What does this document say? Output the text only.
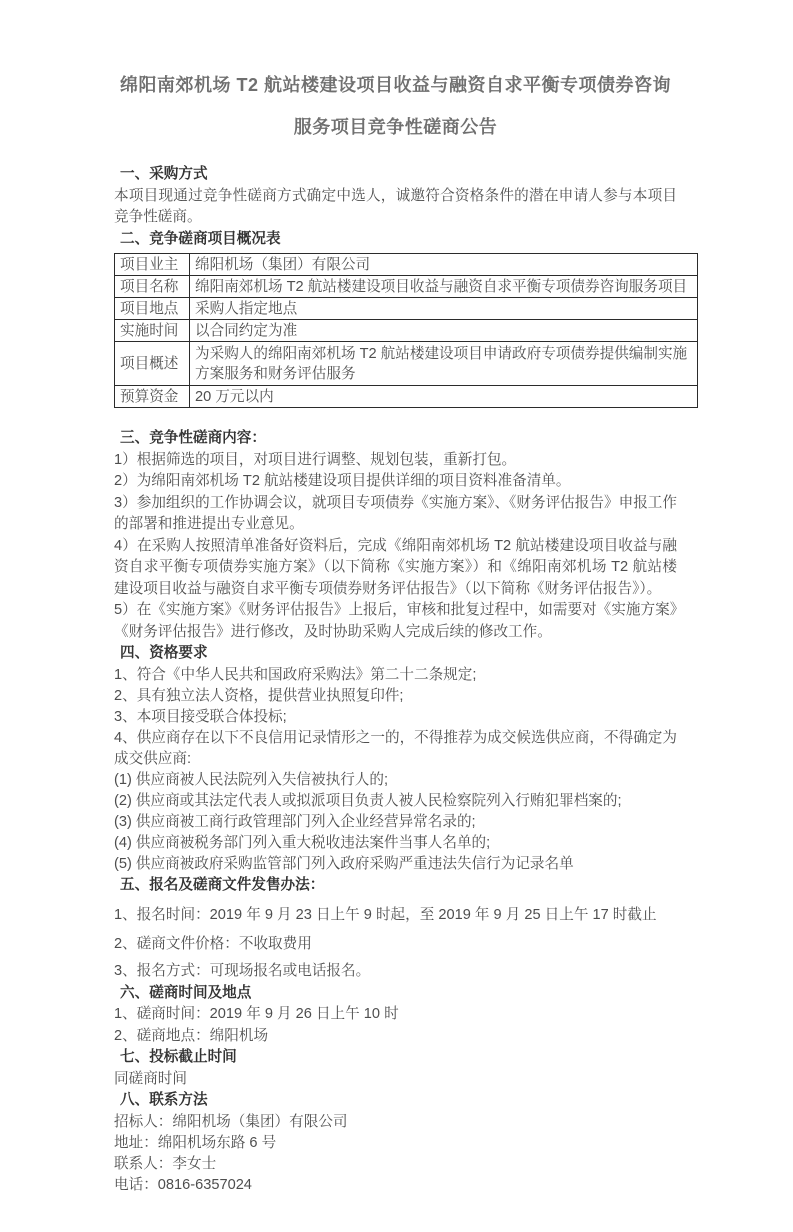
绵阳南郊机场 T2 航站楼建设项目收益与融资自求平衡专项债券咨询
服务项目竞争性磋商公告

一、采购方式

本项目现通过竞争性磋商方式确定中选人，诚邀符合资格条件的潜在申请人参与本项目竞争性磋商。

二、竞争磋商项目概况表

项目业主	绵阳机场（集团）有限公司
项目名称	绵阳南郊机场 T2 航站楼建设项目收益与融资自求平衡专项债券咨询服务项目
项目地点	采购人指定地点
实施时间	以合同约定为准
项目概述	为采购人的绵阳南郊机场 T2 航站楼建设项目申请政府专项债券提供编制实施方案服务和财务评估服务
预算资金	20 万元以内

三、竞争性磋商内容：

1）根据筛选的项目，对项目进行调整、规划包装，重新打包。

2）为绵阳南郊机场 T2 航站楼建设项目提供详细的项目资料准备清单。

3）参加组织的工作协调会议，就项目专项债券《实施方案》、《财务评估报告》申报工作的部署和推进提出专业意见。

4）在采购人按照清单准备好资料后，完成《绵阳南郊机场 T2 航站楼建设项目收益与融资自求平衡专项债券实施方案》（以下简称《实施方案》）和《绵阳南郊机场 T2 航站楼建设项目收益与融资自求平衡专项债券财务评估报告》（以下简称《财务评估报告》）。

5）在《实施方案》《财务评估报告》上报后，审核和批复过程中，如需要对《实施方案》《财务评估报告》进行修改，及时协助采购人完成后续的修改工作。

四、资格要求

1、符合《中华人民共和国政府采购法》第二十二条规定;

2、具有独立法人资格，提供营业执照复印件;

3、本项目接受联合体投标;

4、供应商存在以下不良信用记录情形之一的，不得推荐为成交候选供应商，不得确定为成交供应商:

(1) 供应商被人民法院列入失信被执行人的;

(2) 供应商或其法定代表人或拟派项目负责人被人民检察院列入行贿犯罪档案的;

(3) 供应商被工商行政管理部门列入企业经营异常名录的;

(4) 供应商被税务部门列入重大税收违法案件当事人名单的;

(5) 供应商被政府采购监管部门列入政府采购严重违法失信行为记录名单

五、报名及磋商文件发售办法：

1、报名时间：2019 年 9 月 23 日上午 9 时起，至 2019 年 9 月 25 日上午 17 时截止

2、磋商文件价格：不收取费用

3、报名方式：可现场报名或电话报名。

六、磋商时间及地点

1、磋商时间：2019 年 9 月 26 日上午 10 时

2、磋商地点：绵阳机场

七、投标截止时间

同磋商时间

八、联系方法

招标人：绵阳机场（集团）有限公司

地址：绵阳机场东路 6 号

联系人：李女士

电话：0816-6357024
